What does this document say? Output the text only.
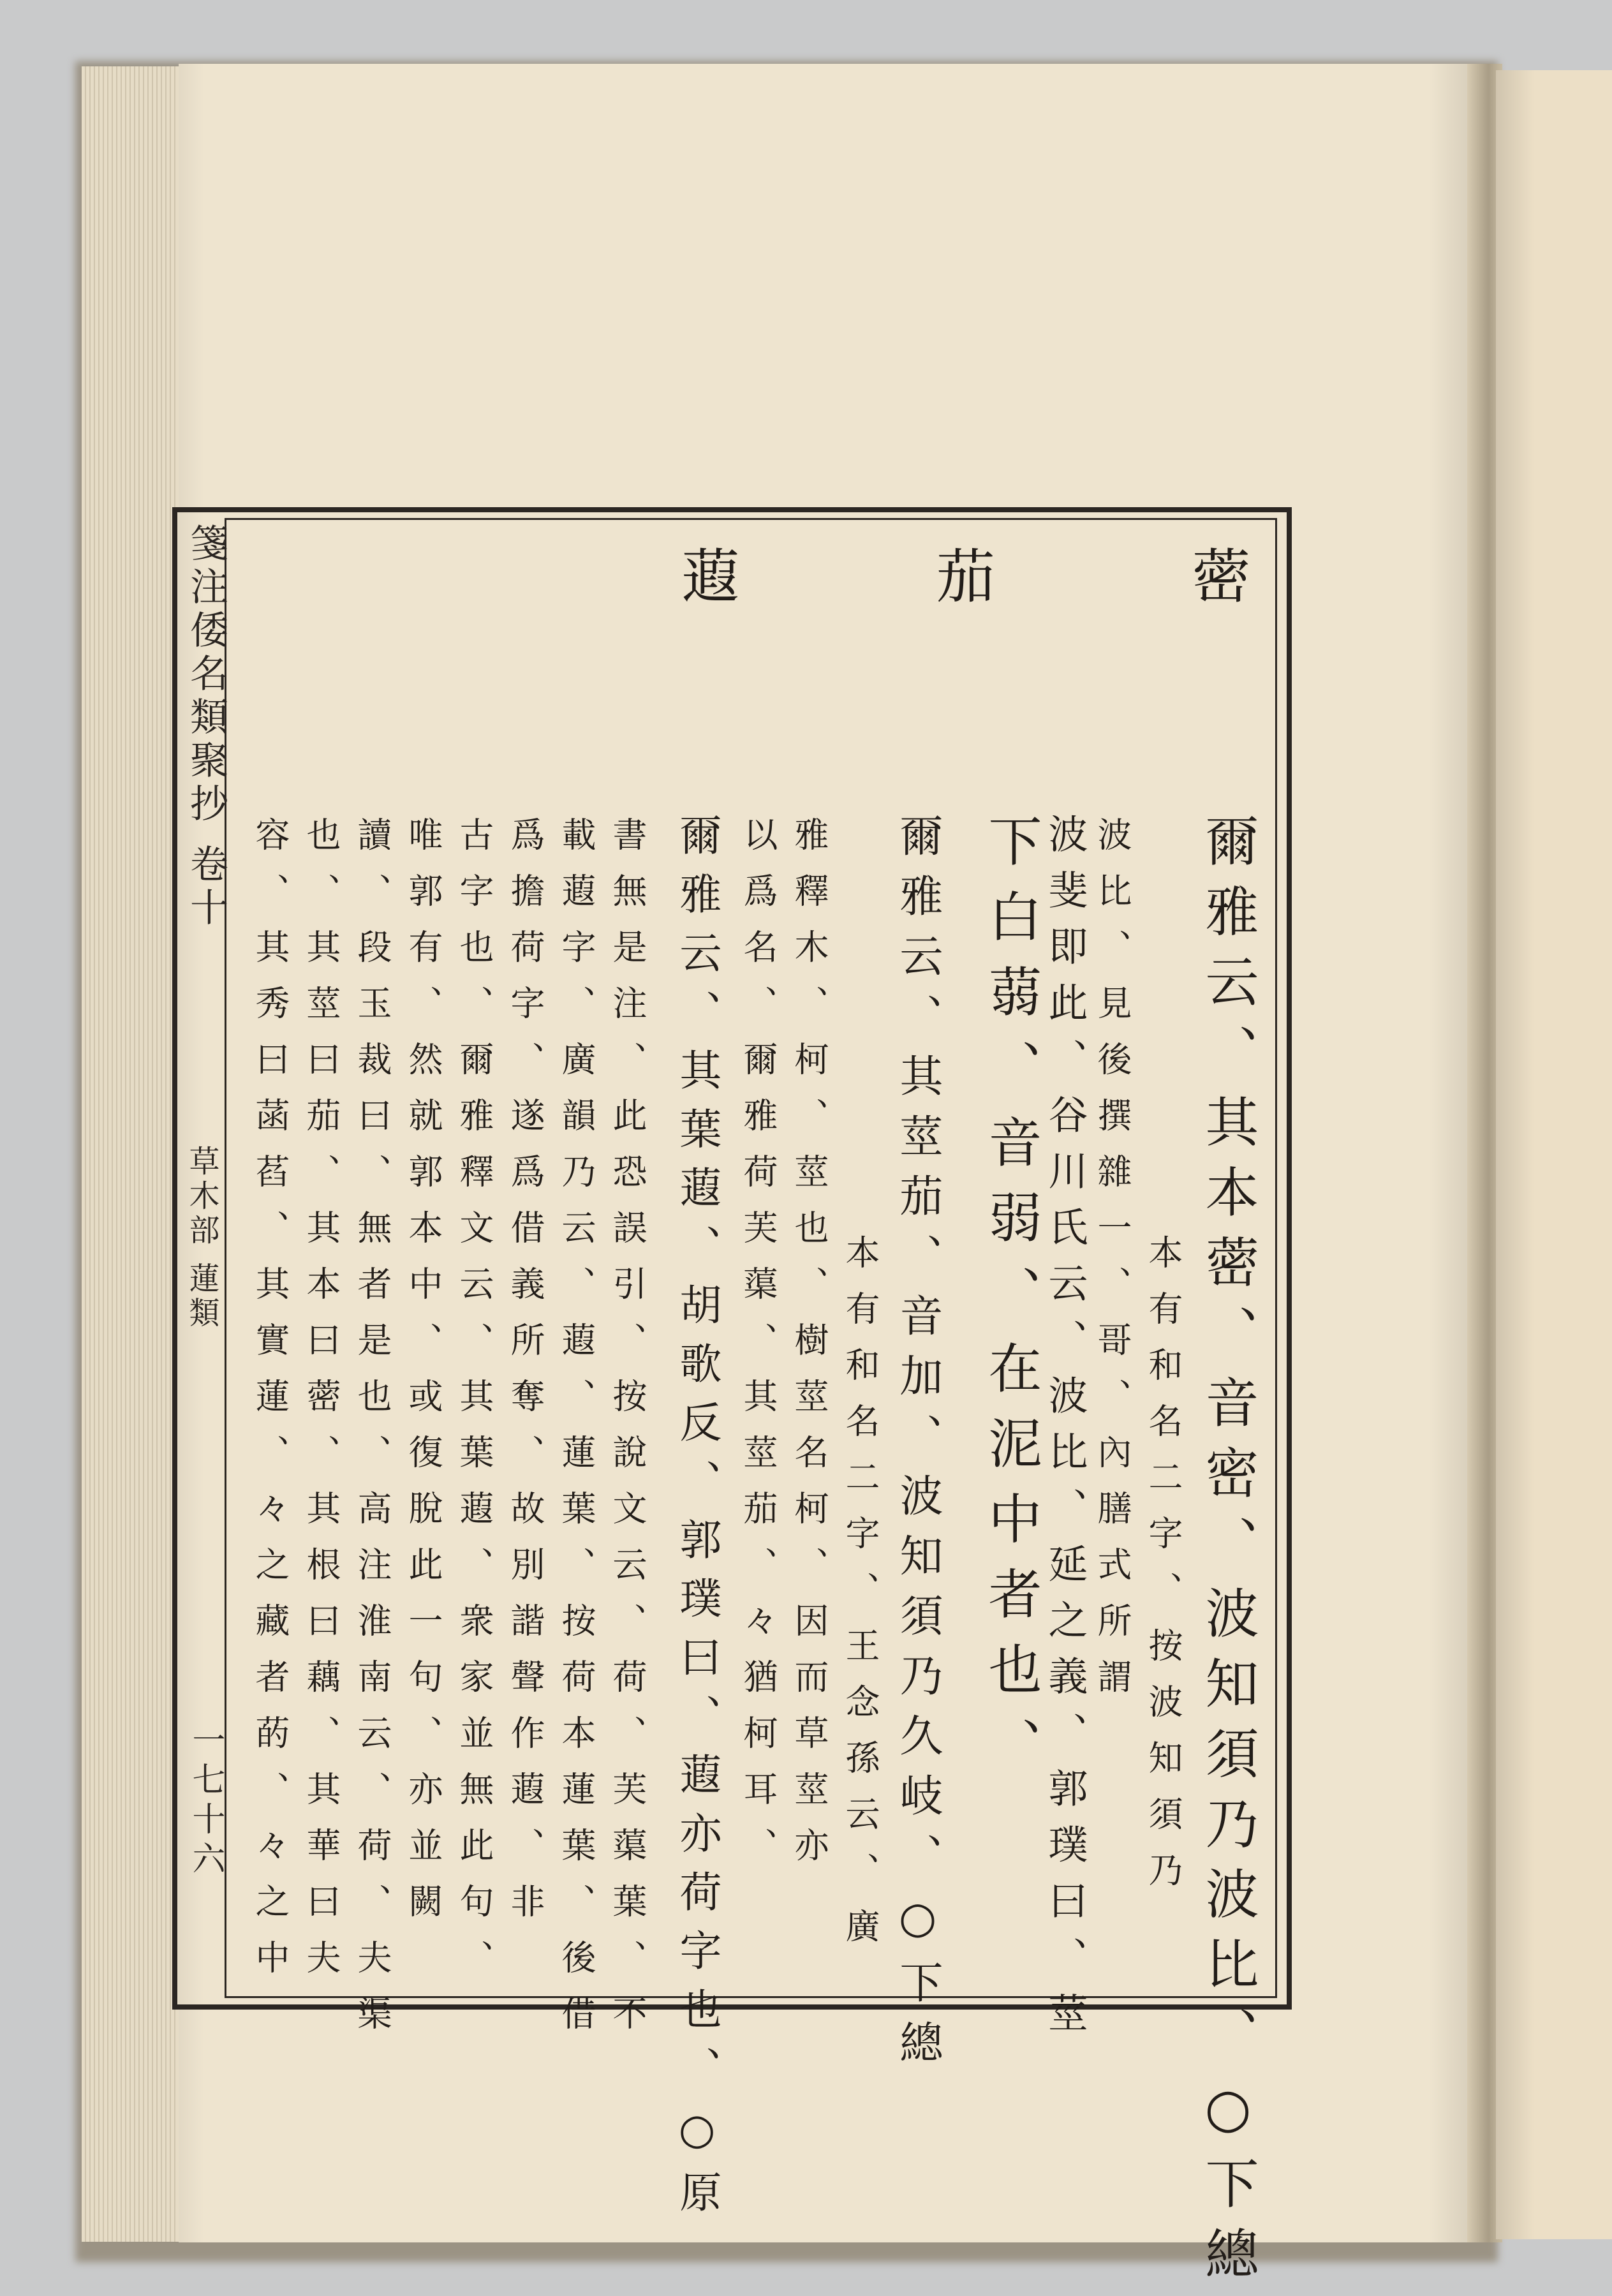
箋注倭名類聚抄 卷十
草木部 蓮類
一七十六
蔤
茄
蕸
爾雅云、其本蔤、音密、波知須乃波比、○下總
本有和名二字、按波知須乃
波比、見後撰雜一、哥、內膳式所謂
波斐即此、谷川氏云、波比、延之義、郭璞曰、莖
下白蒻、音弱、在泥中者也、
爾雅云、其莖茄、音加、波知須乃久岐、○下總
本有和名二字、王念孫云、廣
雅釋木、柯、莖也、樹莖名柯、因而草莖亦
以爲名、爾雅荷芙蕖、其莖茄、々猶柯耳、
爾雅云、其葉蕸、胡歌反、郭璞曰、蕸亦荷字也、○原
書無是注、此恐誤引、按說文云、荷、芙蕖葉、不
載蕸字、廣韻乃云、蕸、蓮葉、按荷本蓮葉、後借
爲擔荷字、遂爲借義所奪、故別諧聲作蕸、非
古字也、爾雅釋文云、其葉蕸、衆家並無此句、
唯郭有、然就郭本中、或復脫此一句、亦並闕
讀、段玉裁曰、無者是也、高注淮南云、荷、夫渠
也、其莖曰茄、其本曰蔤、其根曰藕、其華曰夫
容、其秀曰菡萏、其實蓮、々之藏者菂、々之中
